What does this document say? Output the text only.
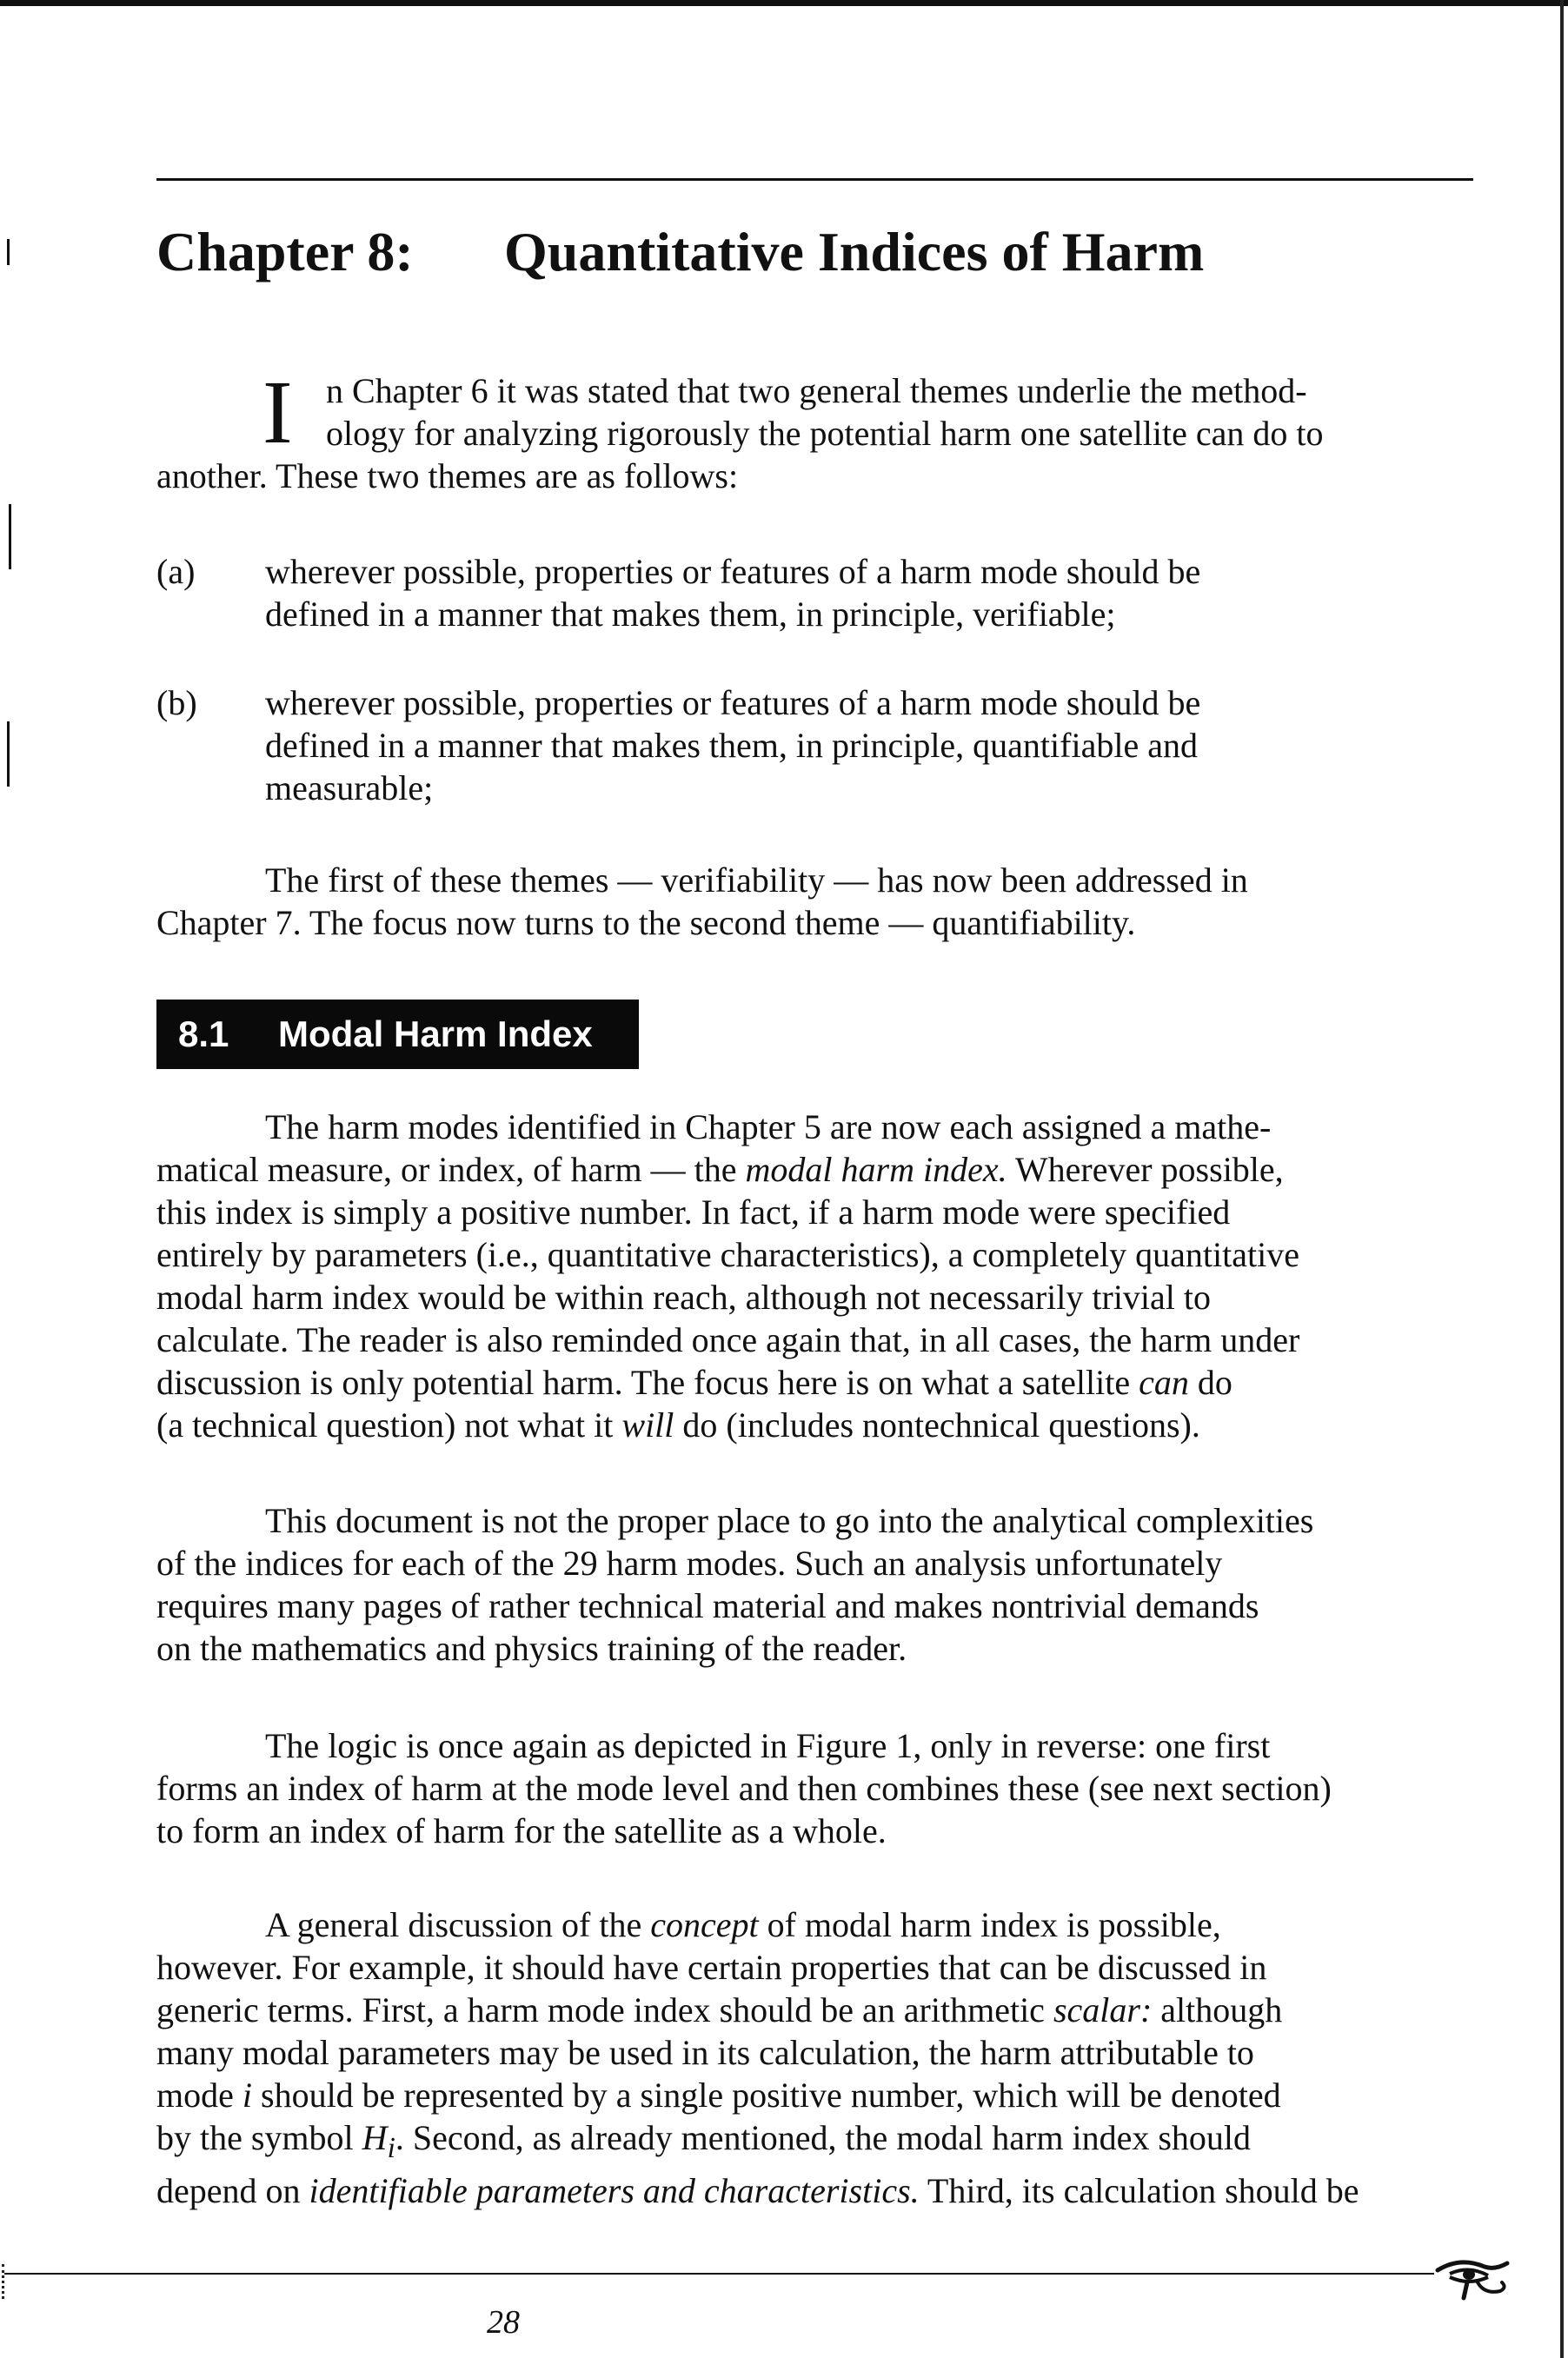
Chapter 8: Quantitative Indices of Harm
I n Chapter 6 it was stated that two general themes underlie the method-
ology for analyzing rigorously the potential harm one satellite can do to
another. These two themes are as follows:
(a) wherever possible, properties or features of a harm mode should be
defined in a manner that makes them, in principle, verifiable;
(b) wherever possible, properties or features of a harm mode should be
defined in a manner that makes them, in principle, quantifiable and
measurable;
The first of these themes — verifiability — has now been addressed in
Chapter 7. The focus now turns to the second theme — quantifiability.
8.1 Modal Harm Index
The harm modes identified in Chapter 5 are now each assigned a mathe-
matical measure, or index, of harm — the modal harm index. Wherever possible,
this index is simply a positive number. In fact, if a harm mode were specified
entirely by parameters (i.e., quantitative characteristics), a completely quantitative
modal harm index would be within reach, although not necessarily trivial to
calculate. The reader is also reminded once again that, in all cases, the harm under
discussion is only potential harm. The focus here is on what a satellite can do
(a technical question) not what it will do (includes nontechnical questions).
This document is not the proper place to go into the analytical complexities
of the indices for each of the 29 harm modes. Such an analysis unfortunately
requires many pages of rather technical material and makes nontrivial demands
on the mathematics and physics training of the reader.
The logic is once again as depicted in Figure 1, only in reverse: one first
forms an index of harm at the mode level and then combines these (see next section)
to form an index of harm for the satellite as a whole.
A general discussion of the concept of modal harm index is possible,
however. For example, it should have certain properties that can be discussed in
generic terms. First, a harm mode index should be an arithmetic scalar: although
many modal parameters may be used in its calculation, the harm attributable to
mode i should be represented by a single positive number, which will be denoted
by the symbol $H_i$. Second, as already mentioned, the modal harm index should
depend on identifiable parameters and characteristics. Third, its calculation should be
28
